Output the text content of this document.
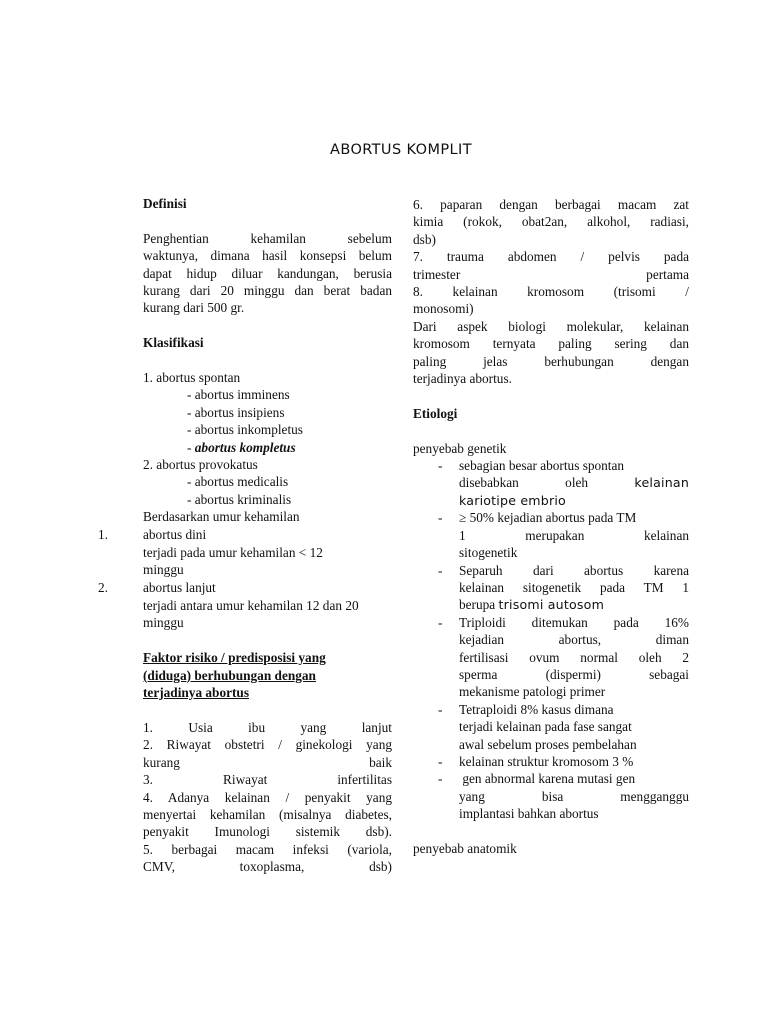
ABORTUS KOMPLIT

Definisi

Penghentian kehamilan sebelum

waktunya, dimana hasil konsepsi belum

dapat hidup diluar kandungan, berusia

kurang dari 20 minggu dan berat badan

kurang dari 500 gr.

Klasifikasi

1. abortus spontan

- abortus imminens

- abortus insipiens

- abortus inkompletus

- abortus kompletus

2. abortus provokatus

- abortus medicalis

- abortus kriminalis

Berdasarkan umur kehamilan

1.	abortus dini

terjadi pada umur kehamilan < 12

minggu

2.	abortus lanjut

terjadi antara umur kehamilan 12 dan 20

minggu

Faktor risiko / predisposisi yang

(diduga) berhubungan dengan

terjadinya abortus

1. Usia ibu yang lanjut

2. Riwayat obstetri / ginekologi yang

kurang baik

3. Riwayat infertilitas

4. Adanya kelainan / penyakit yang

menyertai kehamilan (misalnya diabetes,

penyakit Imunologi sistemik dsb).

5. berbagai macam infeksi (variola,

CMV, toxoplasma, dsb)

6. paparan dengan berbagai macam zat

kimia (rokok, obat2an, alkohol, radiasi,

dsb)

7. trauma abdomen / pelvis pada

trimester pertama

8. kelainan kromosom (trisomi /

monosomi)

Dari aspek biologi molekular, kelainan

kromosom ternyata paling sering dan

paling jelas berhubungan dengan

terjadinya abortus.

Etiologi

penyebab genetik

- sebagian besar abortus spontan

disebabkan oleh kelainan

kariotipe embrio

- ≥ 50% kejadian abortus pada TM

1 merupakan kelainan

sitogenetik

- Separuh dari abortus karena

kelainan sitogenetik pada TM 1

berupa trisomi autosom

- Triploidi ditemukan pada 16%

kejadian abortus, diman

fertilisasi ovum normal oleh 2

sperma (dispermi) sebagai

mekanisme patologi primer

- Tetraploidi 8% kasus dimana

terjadi kelainan pada fase sangat

awal sebelum proses pembelahan

- kelainan struktur kromosom 3 %

- gen abnormal karena mutasi gen

yang bisa mengganggu

implantasi bahkan abortus

penyebab anatomik
